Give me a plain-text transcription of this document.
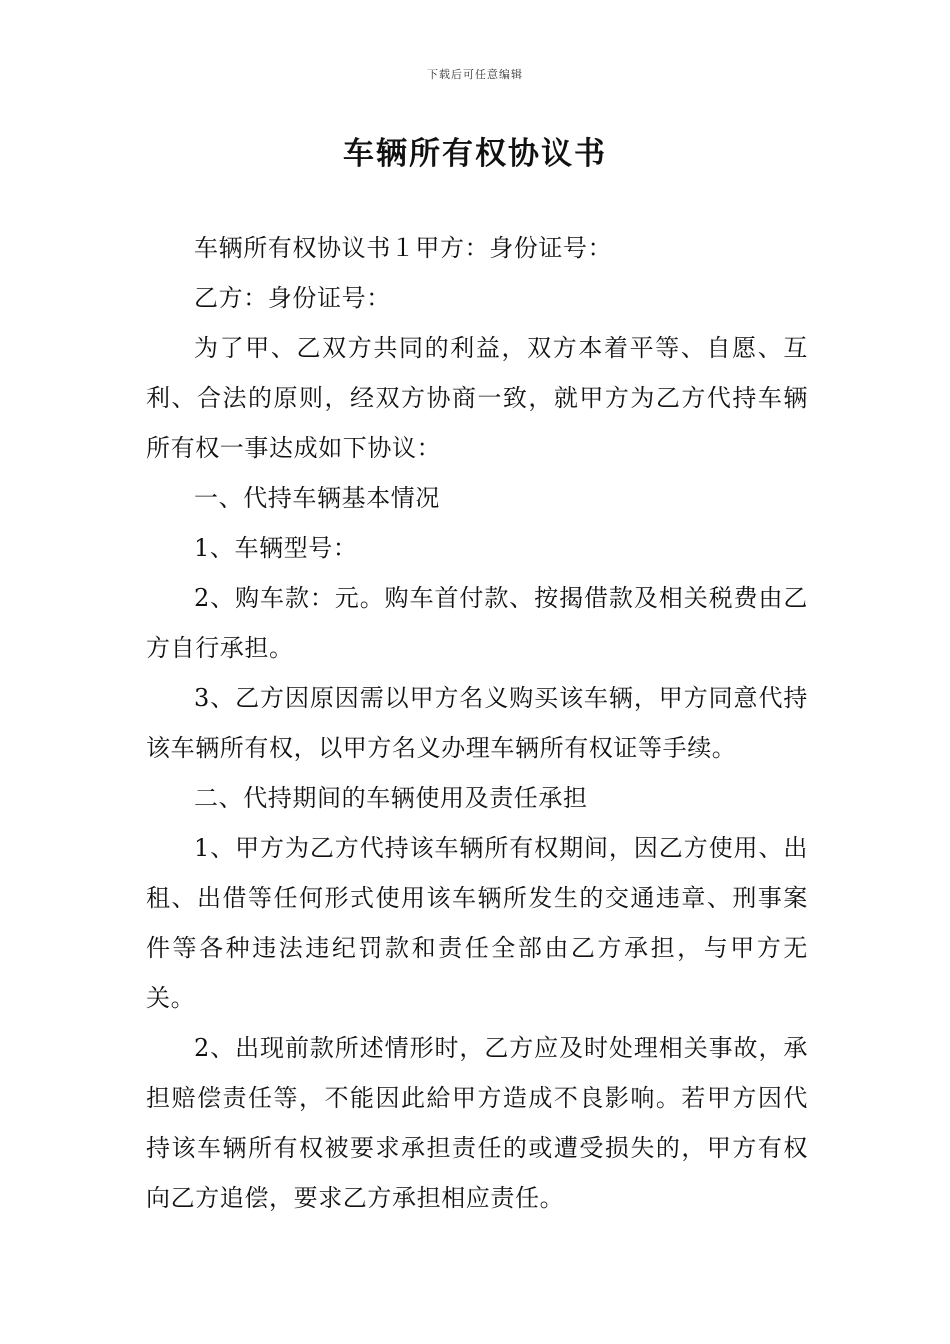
下载后可任意编辑
车辆所有权协议书

车辆所有权协议书１甲方：身份证号：

乙方：身份证号：

为了甲、乙双方共同的利益，双方本着平等、自愿、互利、合法的原则，经双方协商一致，就甲方为乙方代持车辆所有权一事达成如下协议：

一、代持车辆基本情况

1、车辆型号：

2、购车款：元。购车首付款、按揭借款及相关税费由乙方自行承担。

3、乙方因原因需以甲方名义购买该车辆，甲方同意代持该车辆所有权，以甲方名义办理车辆所有权证等手续。

二、代持期间的车辆使用及责任承担

1、甲方为乙方代持该车辆所有权期间，因乙方使用、出租、出借等任何形式使用该车辆所发生的交通违章、刑事案件等各种违法违纪罚款和责任全部由乙方承担，与甲方无关。

2、出现前款所述情形时，乙方应及时处理相关事故，承担赔偿责任等，不能因此給甲方造成不良影响。若甲方因代持该车辆所有权被要求承担责任的或遭受损失的，甲方有权向乙方追偿，要求乙方承担相应责任。
